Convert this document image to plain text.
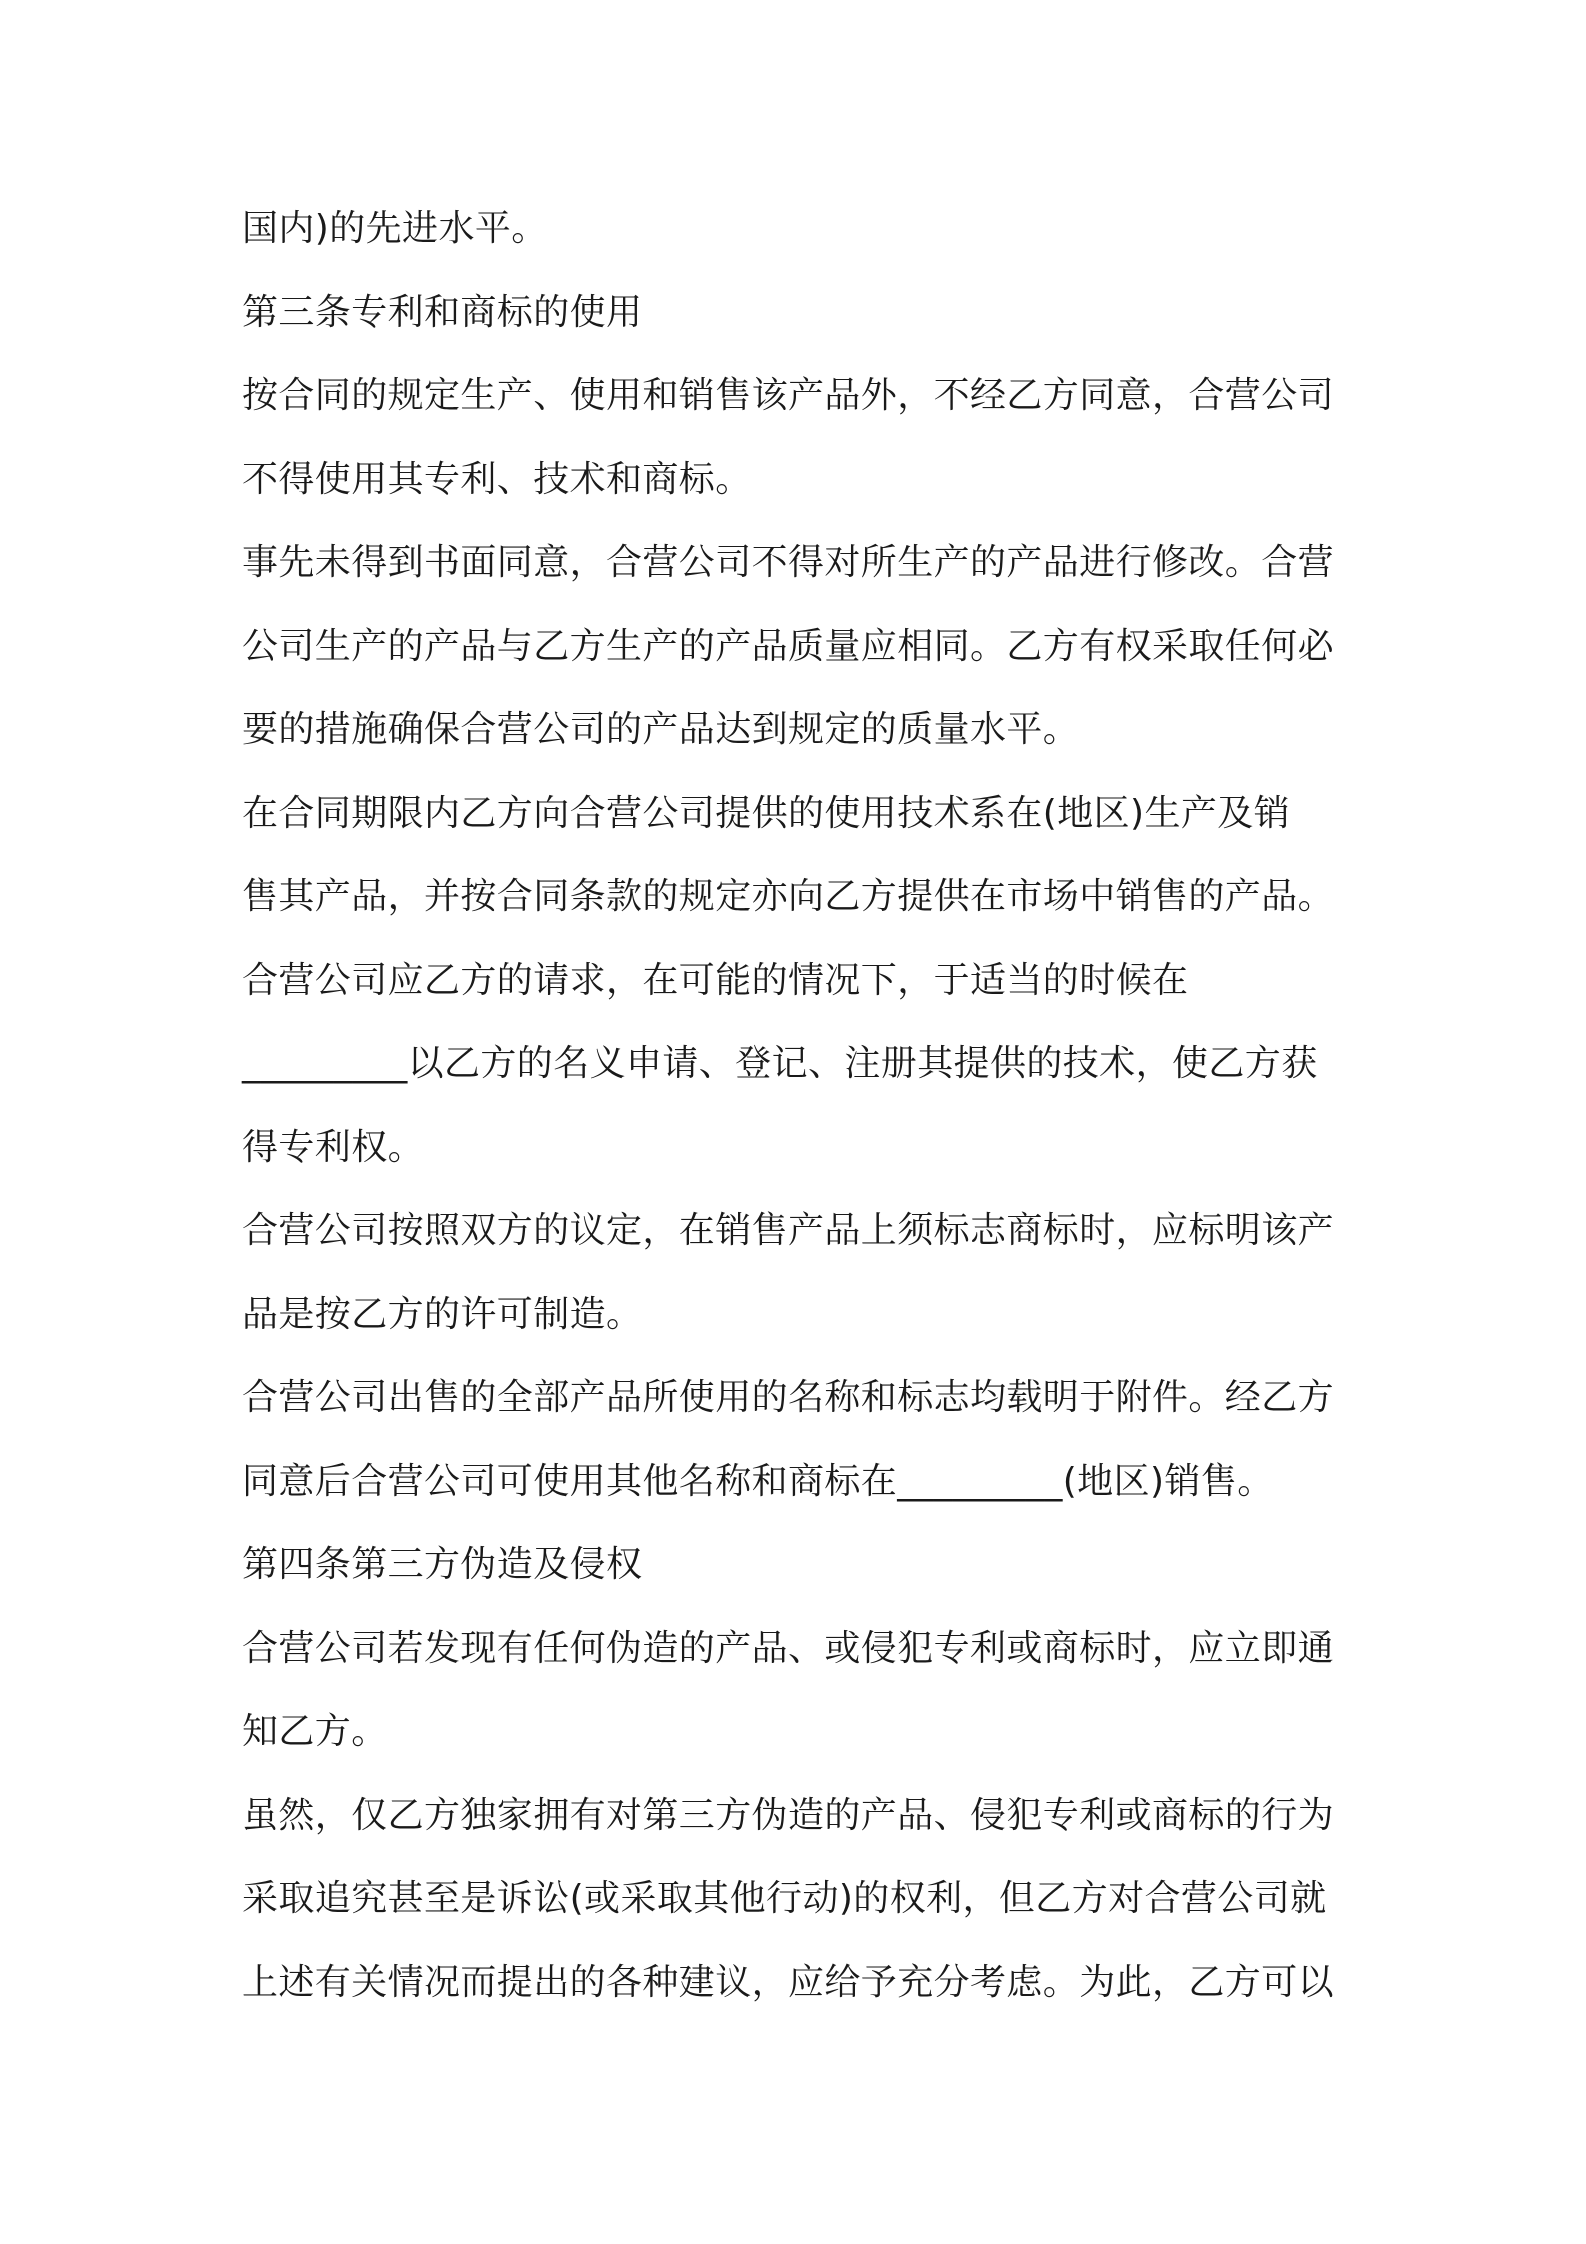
国内)的先进水平。
第三条专利和商标的使用
按合同的规定生产、使用和销售该产品外，不经乙方同意，合营公司
不得使用其专利、技术和商标。
事先未得到书面同意，合营公司不得对所生产的产品进行修改。合营
公司生产的产品与乙方生产的产品质量应相同。乙方有权采取任何必
要的措施确保合营公司的产品达到规定的质量水平。
在合同期限内乙方向合营公司提供的使用技术系在(地区)生产及销
售其产品，并按合同条款的规定亦向乙方提供在市场中销售的产品。
合营公司应乙方的请求，在可能的情况下，于适当的时候在
_________以乙方的名义申请、登记、注册其提供的技术，使乙方获
得专利权。
合营公司按照双方的议定，在销售产品上须标志商标时，应标明该产
品是按乙方的许可制造。
合营公司出售的全部产品所使用的名称和标志均载明于附件。经乙方
同意后合营公司可使用其他名称和商标在_________(地区)销售。
第四条第三方伪造及侵权
合营公司若发现有任何伪造的产品、或侵犯专利或商标时，应立即通
知乙方。
虽然，仅乙方独家拥有对第三方伪造的产品、侵犯专利或商标的行为
采取追究甚至是诉讼(或采取其他行动)的权利，但乙方对合营公司就
上述有关情况而提出的各种建议，应给予充分考虑。为此，乙方可以
